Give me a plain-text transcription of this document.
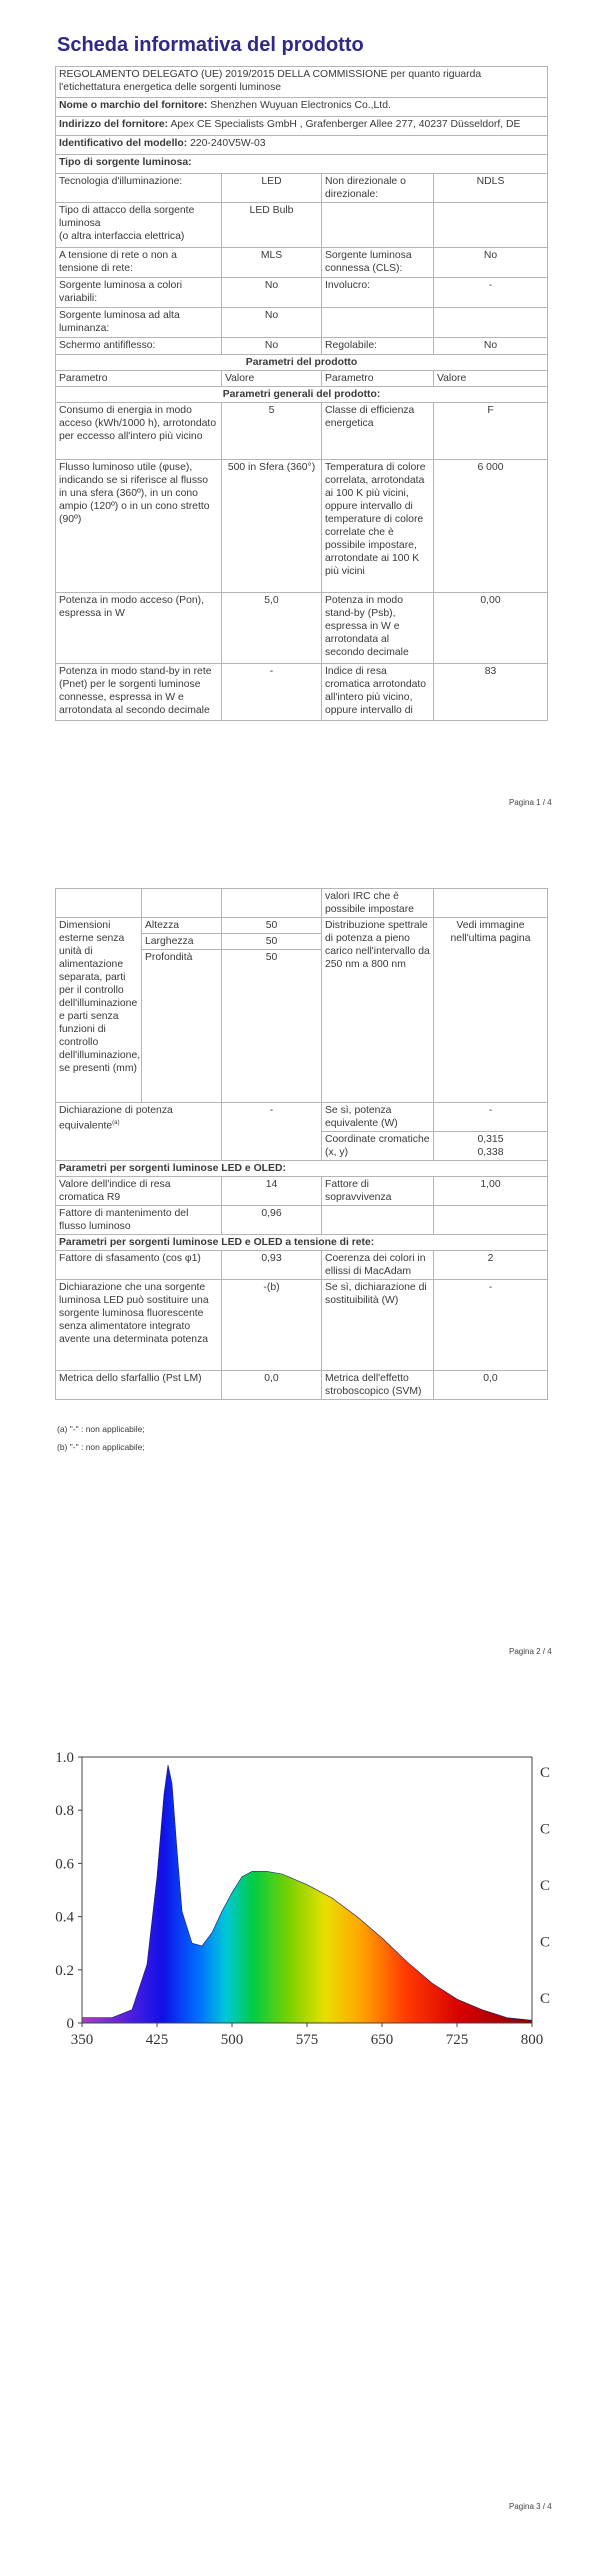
Scheda informativa del prodotto
REGOLAMENTO DELEGATO (UE) 2019/2015 DELLA COMMISSIONE per quanto riguarda l'etichettatura energetica delle sorgenti luminose			
Nome o marchio del fornitore: Shenzhen Wuyuan Electronics Co.,Ltd.			
Indirizzo del fornitore: Apex CE Specialists GmbH , Grafenberger Allee 277, 40237 Düsseldorf, DE			
Identificativo del modello: 220-240V5W-03			
Tipo di sorgente luminosa:			
Tecnologia d'illuminazione:	LED	Non direzionale o direzionale:	NDLS
Tipo di attacco della sorgente luminosa
(o altra interfaccia elettrica)	LED Bulb		
A tensione di rete o non a tensione di rete:	MLS	Sorgente luminosa connessa (CLS):	No
Sorgente luminosa a colori variabili:	No	Involucro:	-
Sorgente luminosa ad alta luminanza:	No		
Schermo antififlesso:	No	Regolabile:	No
Parametri del prodotto			
Parametro	Valore	Parametro	Valore
Parametri generali del prodotto:			
Consumo di energia in modo acceso (kWh/1000 h), arrotondato per eccesso all'intero più vicino	5	Classe di efficienza energetica	F
Flusso luminoso utile (φuse), indicando se si riferisce al flusso in una sfera (360º), in un cono ampio (120º) o in un cono stretto (90º)	500 in Sfera (360°)	Temperatura di colore correlata, arrotondata ai 100 K più vicini, oppure intervallo di temperature di colore correlate che è possibile impostare, arrotondate ai 100 K più vicini	6 000
Potenza in modo acceso (Pon), espressa in W	5,0	Potenza in modo stand-by (Psb), espressa in W e arrotondata al secondo decimale	0,00
Potenza in modo stand-by in rete (Pnet) per le sorgenti luminose connesse, espressa in W e arrotondata al secondo decimale	-	Indice di resa cromatica arrotondato all'intero più vicino, oppure intervallo di	83
Pagina 1 / 4
			valori IRC che è possibile impostare	
Dimensioni esterne senza unità di alimentazione separata, parti per il controllo dell'illuminazione e parti senza funzioni di controllo dell'illuminazione, se presenti (mm)	Altezza	50	Distribuzione spettrale di potenza a pieno carico nell'intervallo da 250 nm a 800 nm	Vedi immagine nell'ultima pagina
	Larghezza	50		
	Profondità	50		
Dichiarazione di potenza equivalente$^{(a)}$		-	Se sì, potenza equivalente (W)	-
			Coordinate cromatiche (x, y)	0,315
0,338

Parametri per sorgenti luminose LED e OLED:				
Valore dell'indice di resa cromatica R9		14	Fattore di sopravvivenza	1,00
Fattore di mantenimento del flusso luminoso		0,96		
Parametri per sorgenti luminose LED e OLED a tensione di rete:				
Fattore di sfasamento (cos φ1)		0,93	Coerenza dei colori in ellissi di MacAdam	2
Dichiarazione che una sorgente luminosa LED può sostituire una sorgente luminosa fluorescente senza alimentatore integrato avente una determinata potenza		-(b)	Se sì, dichiarazione di sostituibilità (W)	-
Metrica dello sfarfallio (Pst LM)		0,0	Metrica dell'effetto stroboscopico (SVM)	0,0
(a) "-" : non applicabile;
(b) "-" : non applicabile;
Pagina 2 / 4
0
0.2
0.4
0.6
0.8
1.0
350	425	500	575	650	725	800
C
C
C
C
C
Pagina 3 / 4
